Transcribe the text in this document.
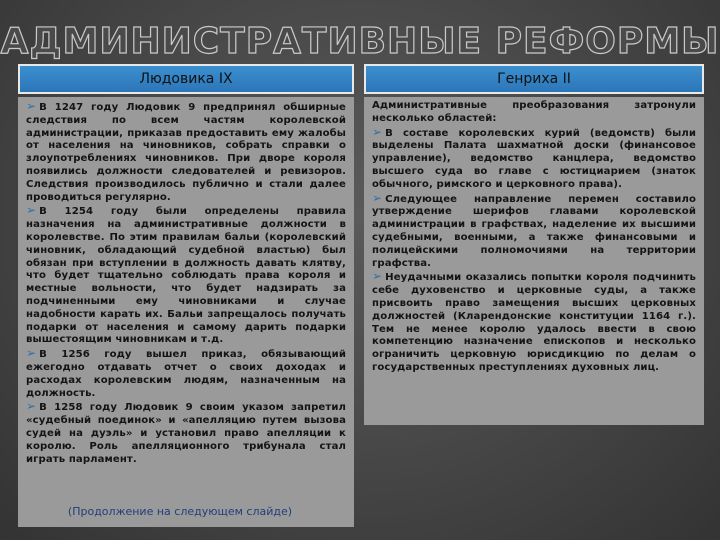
АДМИНИСТРАТИВНЫЕ РЕФОРМЫ
Людовика IX	Генриха II

➢ В 1247 году Людовик 9 предпринял обширные следствия по всем частям королевской администрации, приказав предоставить ему жалобы от населения на чиновников, собрать справки о злоупотреблениях чиновников. При дворе короля появились должности следователей и ревизоров. Следствия производилось публично и стали далее проводиться регулярно.

➢ В 1254 году были определены правила назначения на административные должности в королевстве. По этим правилам бальи (королевский чиновник, обладающий судебной властью) был обязан при вступлении в должность давать клятву, что будет тщательно соблюдать права короля и местные вольности, что будет надзирать за подчиненными ему чиновниками и случае надобности карать их. Бальи запрещалось получать подарки от населения и самому дарить подарки вышестоящим чиновникам и т.д.

➢ В 1256 году вышел приказ, обязывающий ежегодно отдавать отчет о своих доходах и расходах королевским людям, назначенным на должность.

➢ В 1258 году Людовик 9 своим указом запретил «судебный поединок» и «апелляцию путем вызова судей на дуэль» и установил право апелляции к королю. Роль апелляционного трибунала стал играть парламент.

(Продолжение на следующем слайде)

Административные преобразования затронули несколько областей:

➢ В составе королевских курий (ведомств) были выделены Палата шахматной доски (финансовое управление), ведомство канцлера, ведомство высшего суда во главе с юстициарием (знаток обычного, римского и церковного права).

➢ Следующее направление перемен составило утверждение шерифов главами королевской администрации в графствах, наделение их высшими судебными, военными, а также финансовыми и полицейскими полномочиями на территории графства.

➢ Неудачными оказались попытки короля подчинить себе духовенство и церковные суды, а также присвоить право замещения высших церковных должностей (Кларендонские конституции 1164 г.). Тем не менее королю удалось ввести в свою компетенцию назначение епископов и несколько ограничить церковную юрисдикцию по делам о государственных преступлениях духовных лиц.
